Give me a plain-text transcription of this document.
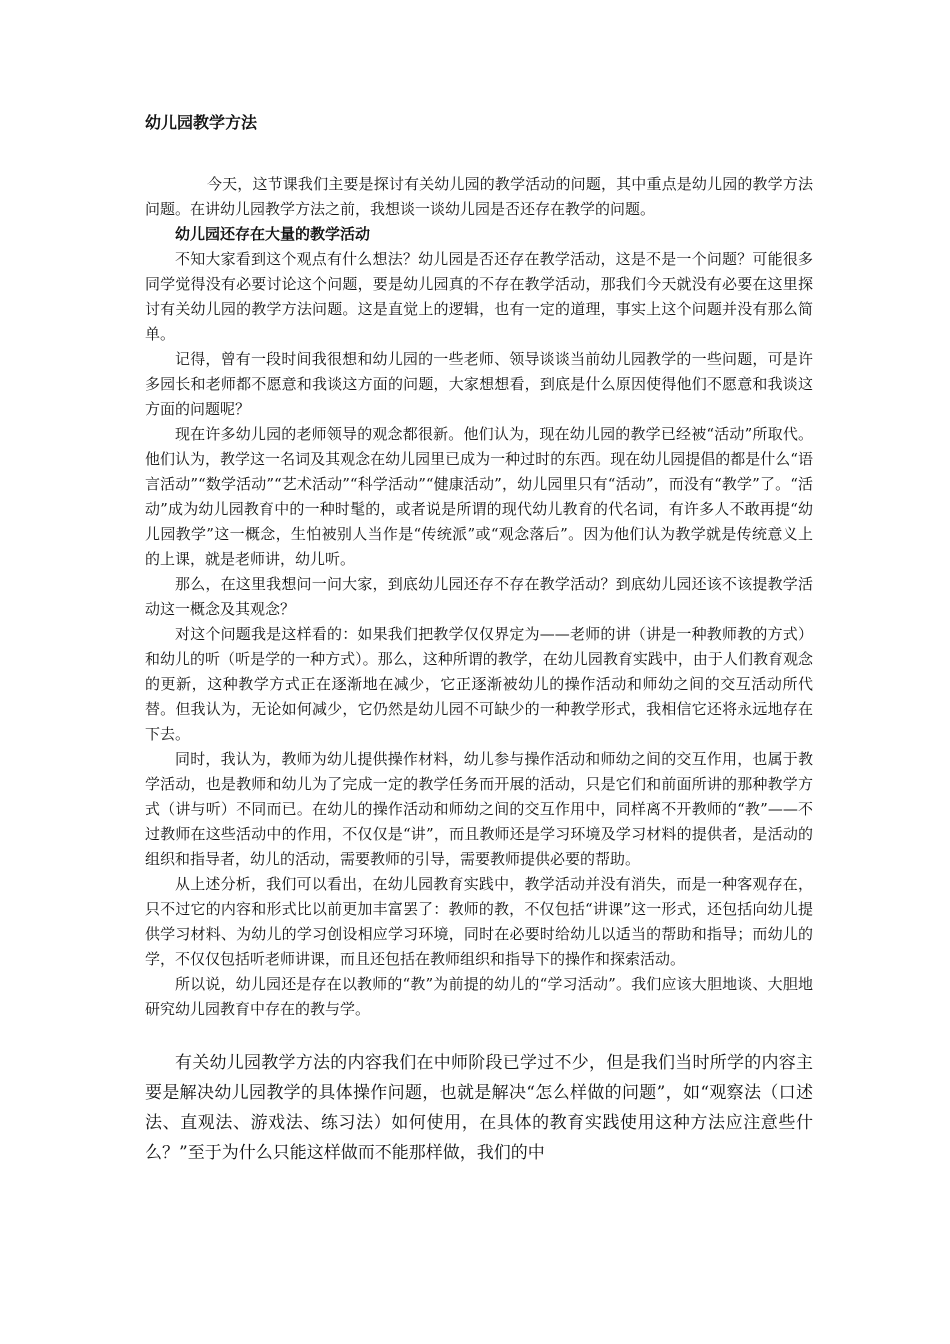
幼儿园教学方法

今天，这节课我们主要是探讨有关幼儿园的教学活动的问题，其中重点是幼儿园的教学方法问题。在讲幼儿园教学方法之前，我想谈一谈幼儿园是否还存在教学的问题。

幼儿园还存在大量的教学活动

不知大家看到这个观点有什么想法？幼儿园是否还存在教学活动，这是不是一个问题？可能很多同学觉得没有必要讨论这个问题，要是幼儿园真的不存在教学活动，那我们今天就没有必要在这里探讨有关幼儿园的教学方法问题。这是直觉上的逻辑，也有一定的道理，事实上这个问题并没有那么简单。

记得，曾有一段时间我很想和幼儿园的一些老师、领导谈谈当前幼儿园教学的一些问题，可是许多园长和老师都不愿意和我谈这方面的问题，大家想想看，到底是什么原因使得他们不愿意和我谈这方面的问题呢？

现在许多幼儿园的老师领导的观念都很新。他们认为，现在幼儿园的教学已经被“活动”所取代。他们认为，教学这一名词及其观念在幼儿园里已成为一种过时的东西。现在幼儿园提倡的都是什么“语言活动”“数学活动”“艺术活动”“科学活动”“健康活动”，幼儿园里只有“活动”，而没有“教学”了。“活动”成为幼儿园教育中的一种时髦的，或者说是所谓的现代幼儿教育的代名词，有许多人不敢再提“幼儿园教学”这一概念，生怕被别人当作是“传统派”或“观念落后”。因为他们认为教学就是传统意义上的上课，就是老师讲，幼儿听。

那么，在这里我想问一问大家，到底幼儿园还存不存在教学活动？到底幼儿园还该不该提教学活动这一概念及其观念？

对这个问题我是这样看的：如果我们把教学仅仅界定为——老师的讲（讲是一种教师教的方式）和幼儿的听（听是学的一种方式）。那么，这种所谓的教学，在幼儿园教育实践中，由于人们教育观念的更新，这种教学方式正在逐渐地在减少，它正逐渐被幼儿的操作活动和师幼之间的交互活动所代替。但我认为，无论如何减少，它仍然是幼儿园不可缺少的一种教学形式，我相信它还将永远地存在下去。

同时，我认为，教师为幼儿提供操作材料，幼儿参与操作活动和师幼之间的交互作用，也属于教学活动，也是教师和幼儿为了完成一定的教学任务而开展的活动，只是它们和前面所讲的那种教学方式（讲与听）不同而已。在幼儿的操作活动和师幼之间的交互作用中，同样离不开教师的“教”——不过教师在这些活动中的作用，不仅仅是“讲”，而且教师还是学习环境及学习材料的提供者，是活动的组织和指导者，幼儿的活动，需要教师的引导，需要教师提供必要的帮助。

从上述分析，我们可以看出，在幼儿园教育实践中，教学活动并没有消失，而是一种客观存在，只不过它的内容和形式比以前更加丰富罢了：教师的教，不仅包括“讲课”这一形式，还包括向幼儿提供学习材料、为幼儿的学习创设相应学习环境，同时在必要时给幼儿以适当的帮助和指导；而幼儿的学，不仅仅包括听老师讲课，而且还包括在教师组织和指导下的操作和探索活动。

所以说，幼儿园还是存在以教师的“教”为前提的幼儿的“学习活动”。我们应该大胆地谈、大胆地研究幼儿园教育中存在的教与学。

有关幼儿园教学方法的内容我们在中师阶段已学过不少，但是我们当时所学的内容主要是解决幼儿园教学的具体操作问题，也就是解决“怎么样做的问题”，如“观察法（口述法、直观法、游戏法、练习法）如何使用，在具体的教育实践使用这种方法应注意些什么？”至于为什么只能这样做而不能那样做，我们的中
